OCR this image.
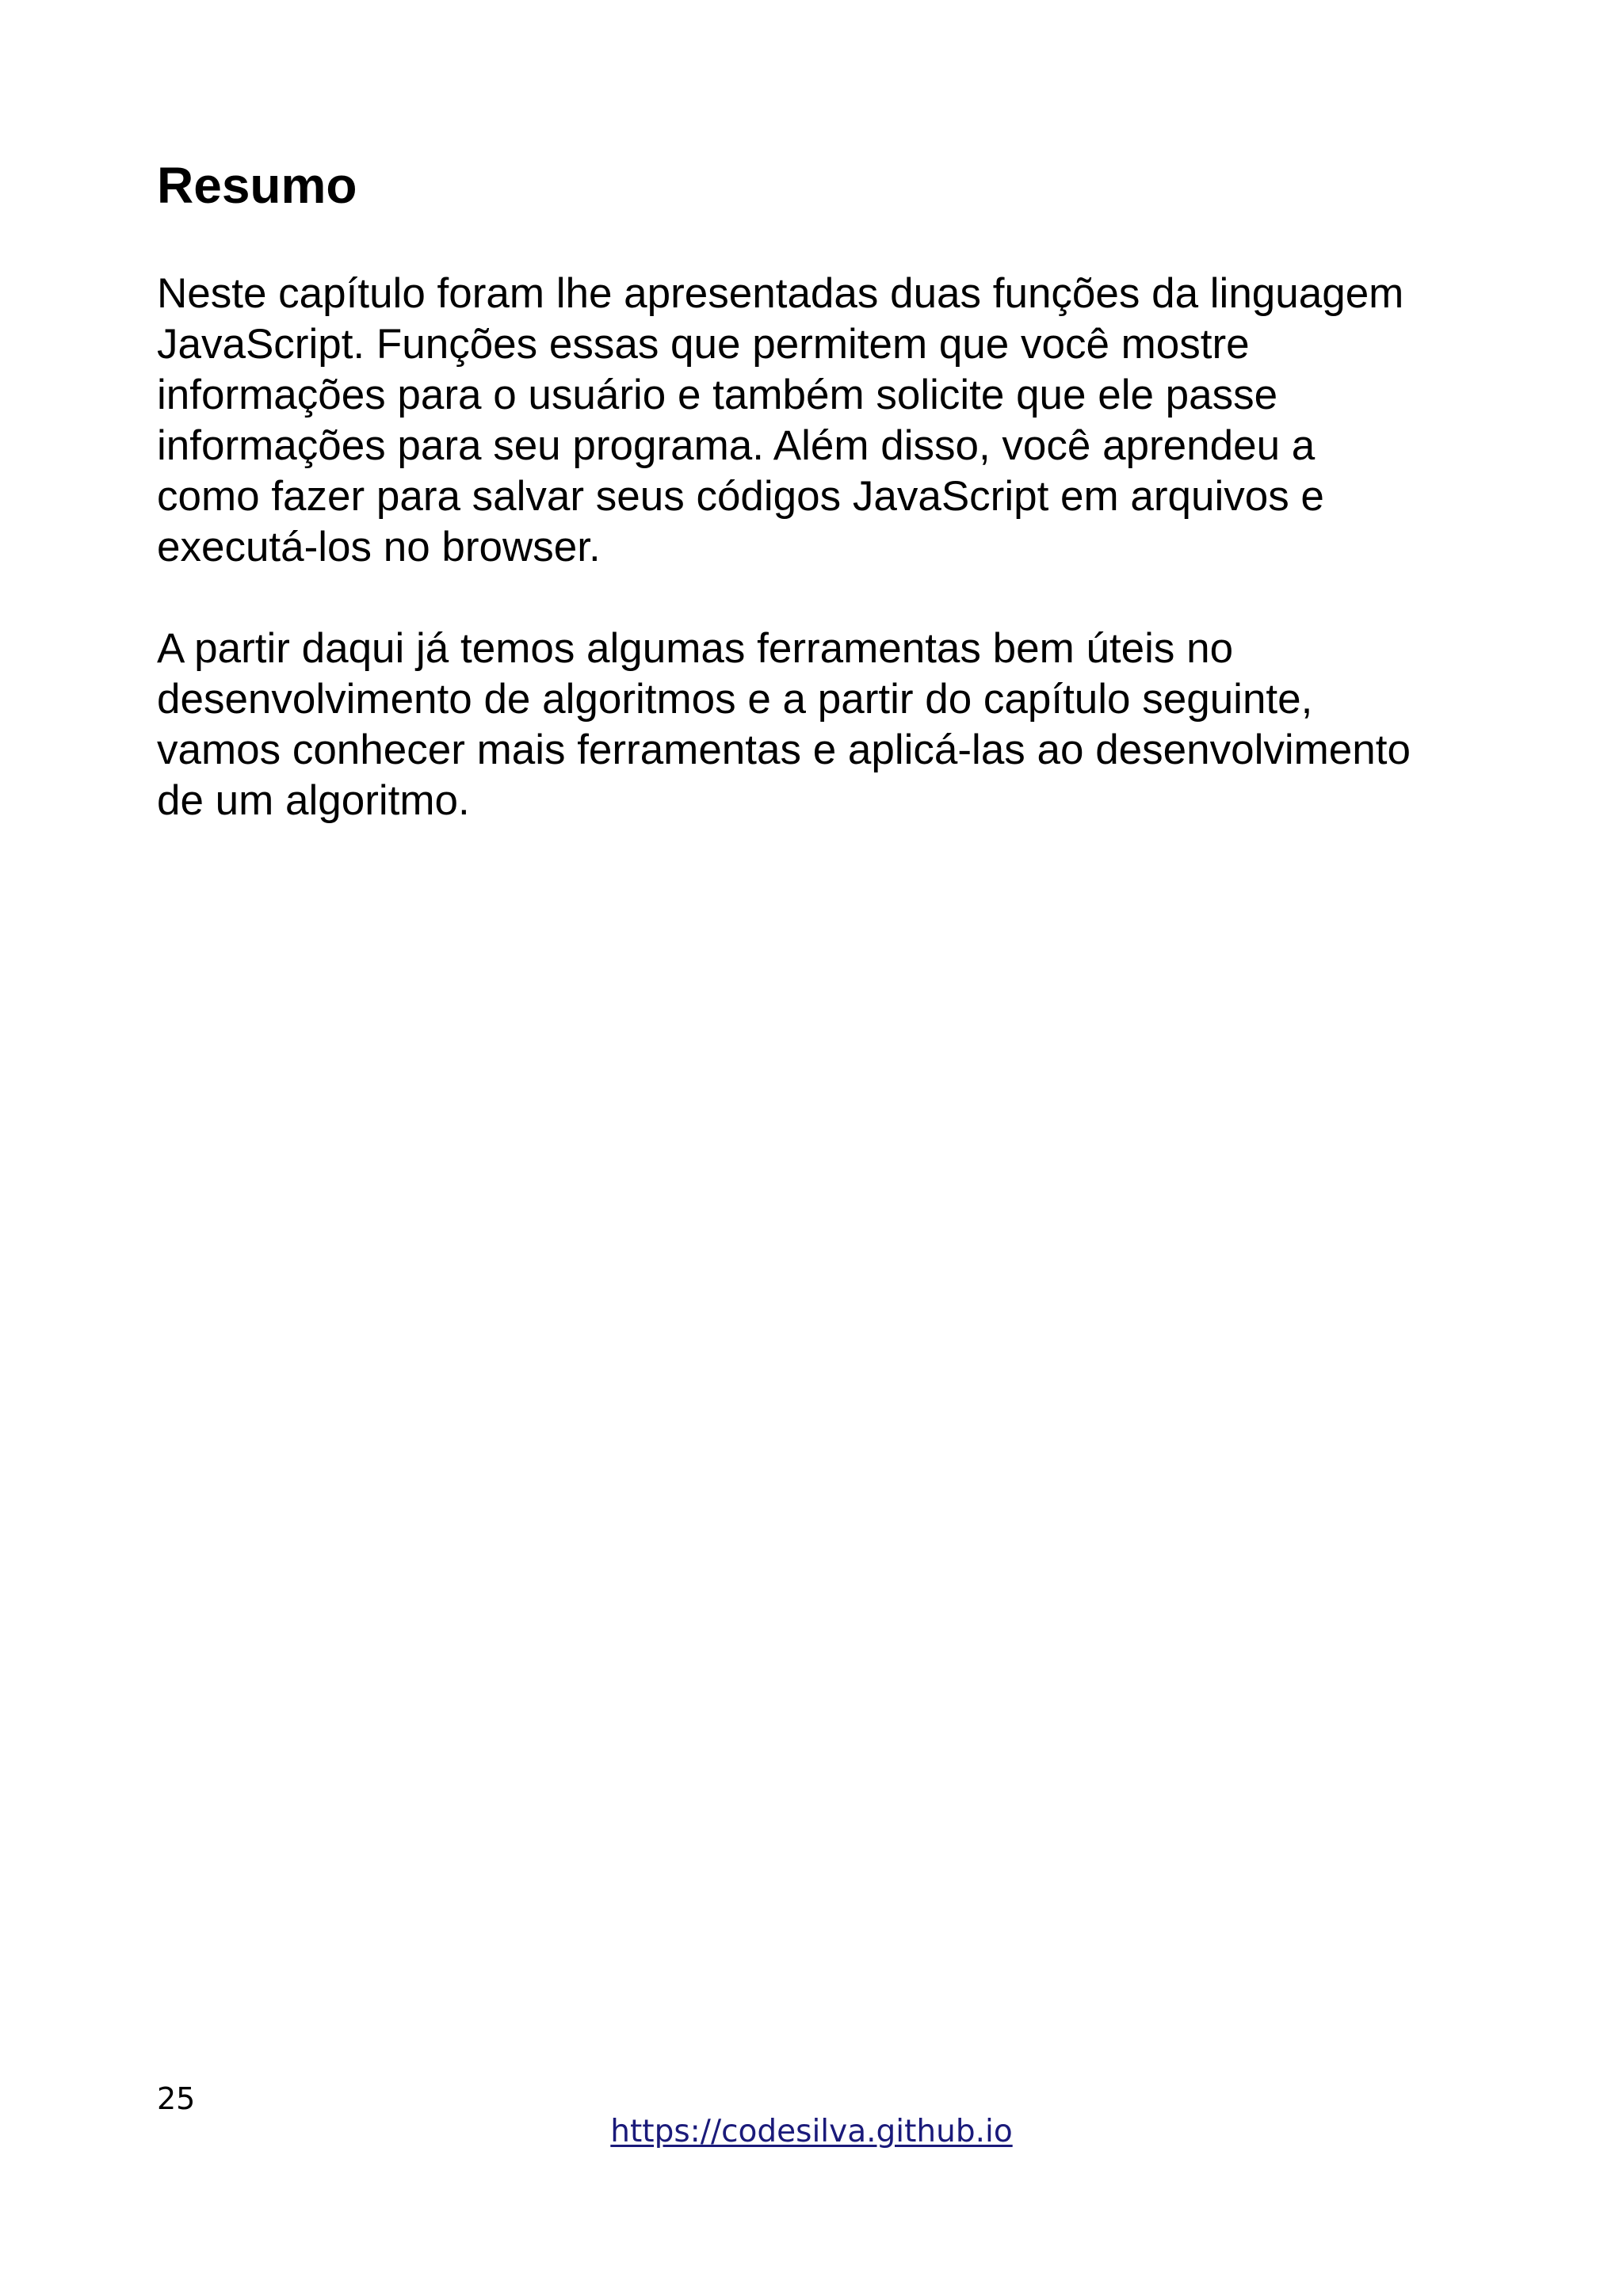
Resumo

Neste capítulo foram lhe apresentadas duas funções da linguagem
JavaScript. Funções essas que permitem que você mostre
informações para o usuário e também solicite que ele passe
informações para seu programa. Além disso, você aprendeu a
como fazer para salvar seus códigos JavaScript em arquivos e
executá-los no browser.

A partir daqui já temos algumas ferramentas bem úteis no
desenvolvimento de algoritmos e a partir do capítulo seguinte,
vamos conhecer mais ferramentas e aplicá-las ao desenvolvimento
de um algoritmo.

25
https://codesilva.github.io
